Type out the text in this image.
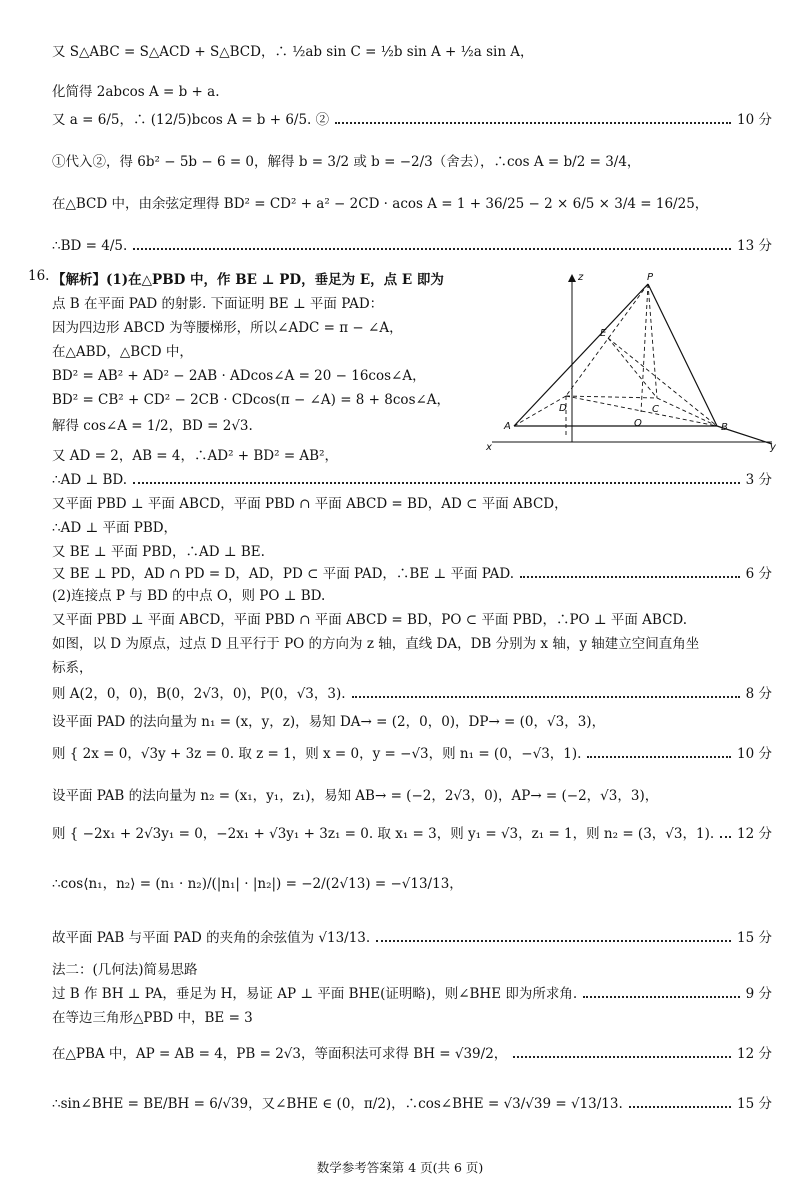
又 S△ABC = S△ACD + S△BCD，∴ ½ab sin C = ½b sin A + ½a sin A，
化简得 2abcos A = b + a.
又 a = 6/5，∴ (12/5)bcos A = b + 6/5. ②	10 分
①代入②，得 6b² − 5b − 6 = 0，解得 b = 3/2 或 b = −2/3（舍去），∴cos A = b/2 = 3/4，
在△BCD 中，由余弦定理得 BD² = CD² + a² − 2CD · acos A = 1 + 36/25 − 2 × 6/5 × 3/4 = 16/25，
∴BD = 4/5.	13 分
16. 【解析】(1)在△PBD 中，作 BE ⊥ PD，垂足为 E，点 E 即为
点 B 在平面 PAD 的射影. 下面证明 BE ⊥ 平面 PAD：
因为四边形 ABCD 为等腰梯形，所以∠ADC = π − ∠A，
在△ABD，△BCD 中，
BD² = AB² + AD² − 2AB · ADcos∠A = 20 − 16cos∠A，
BD² = CB² + CD² − 2CB · CDcos(π − ∠A) = 8 + 8cos∠A，
解得 cos∠A = 1/2，BD = 2√3.
又 AD = 2，AB = 4，∴AD² + BD² = AB²，
z	P
E
D	C
O
A	B
x	y
∴AD ⊥ BD.	3 分
又平面 PBD ⊥ 平面 ABCD，平面 PBD ∩ 平面 ABCD = BD，AD ⊂ 平面 ABCD，
∴AD ⊥ 平面 PBD，
又 BE ⊥ 平面 PBD，∴AD ⊥ BE.
又 BE ⊥ PD，AD ∩ PD = D，AD，PD ⊂ 平面 PAD，∴BE ⊥ 平面 PAD.	6 分
(2)连接点 P 与 BD 的中点 O，则 PO ⊥ BD.
又平面 PBD ⊥ 平面 ABCD，平面 PBD ∩ 平面 ABCD = BD，PO ⊂ 平面 PBD，∴PO ⊥ 平面 ABCD.
如图，以 D 为原点，过点 D 且平行于 PO 的方向为 z 轴，直线 DA，DB 分别为 x 轴，y 轴建立空间直角坐
标系，
则 A(2，0，0)，B(0，2√3，0)，P(0，√3，3).	8 分
设平面 PAD 的法向量为 n₁ = (x，y，z)，易知 DA→ = (2，0，0)，DP→ = (0，√3，3)，
则 { 2x = 0，√3y + 3z = 0. 取 z = 1，则 x = 0，y = −√3，则 n₁ = (0，−√3，1).	10 分
设平面 PAB 的法向量为 n₂ = (x₁，y₁，z₁)，易知 AB→ = (−2，2√3，0)，AP→ = (−2，√3，3)，
则 { −2x₁ + 2√3y₁ = 0，−2x₁ + √3y₁ + 3z₁ = 0. 取 x₁ = 3，则 y₁ = √3，z₁ = 1，则 n₂ = (3，√3，1). 12 分
∴cos⟨n₁，n₂⟩ = (n₁ · n₂)/(|n₁| · |n₂|) = −2/(2√13) = −√13/13，
故平面 PAB 与平面 PAD 的夹角的余弦值为 √13/13.	15 分
法二：(几何法)简易思路
过 B 作 BH ⊥ PA，垂足为 H，易证 AP ⊥ 平面 BHE(证明略)，则∠BHE 即为所求角.	9 分
在等边三角形△PBD 中，BE = 3
在△PBA 中，AP = AB = 4，PB = 2√3，等面积法可求得 BH = √39/2，	12 分
∴sin∠BHE = BE/BH = 6/√39，又∠BHE ∈ (0，π/2)，∴cos∠BHE = √3/√39 = √13/13.	15 分
数学参考答案第 4 页(共 6 页)
